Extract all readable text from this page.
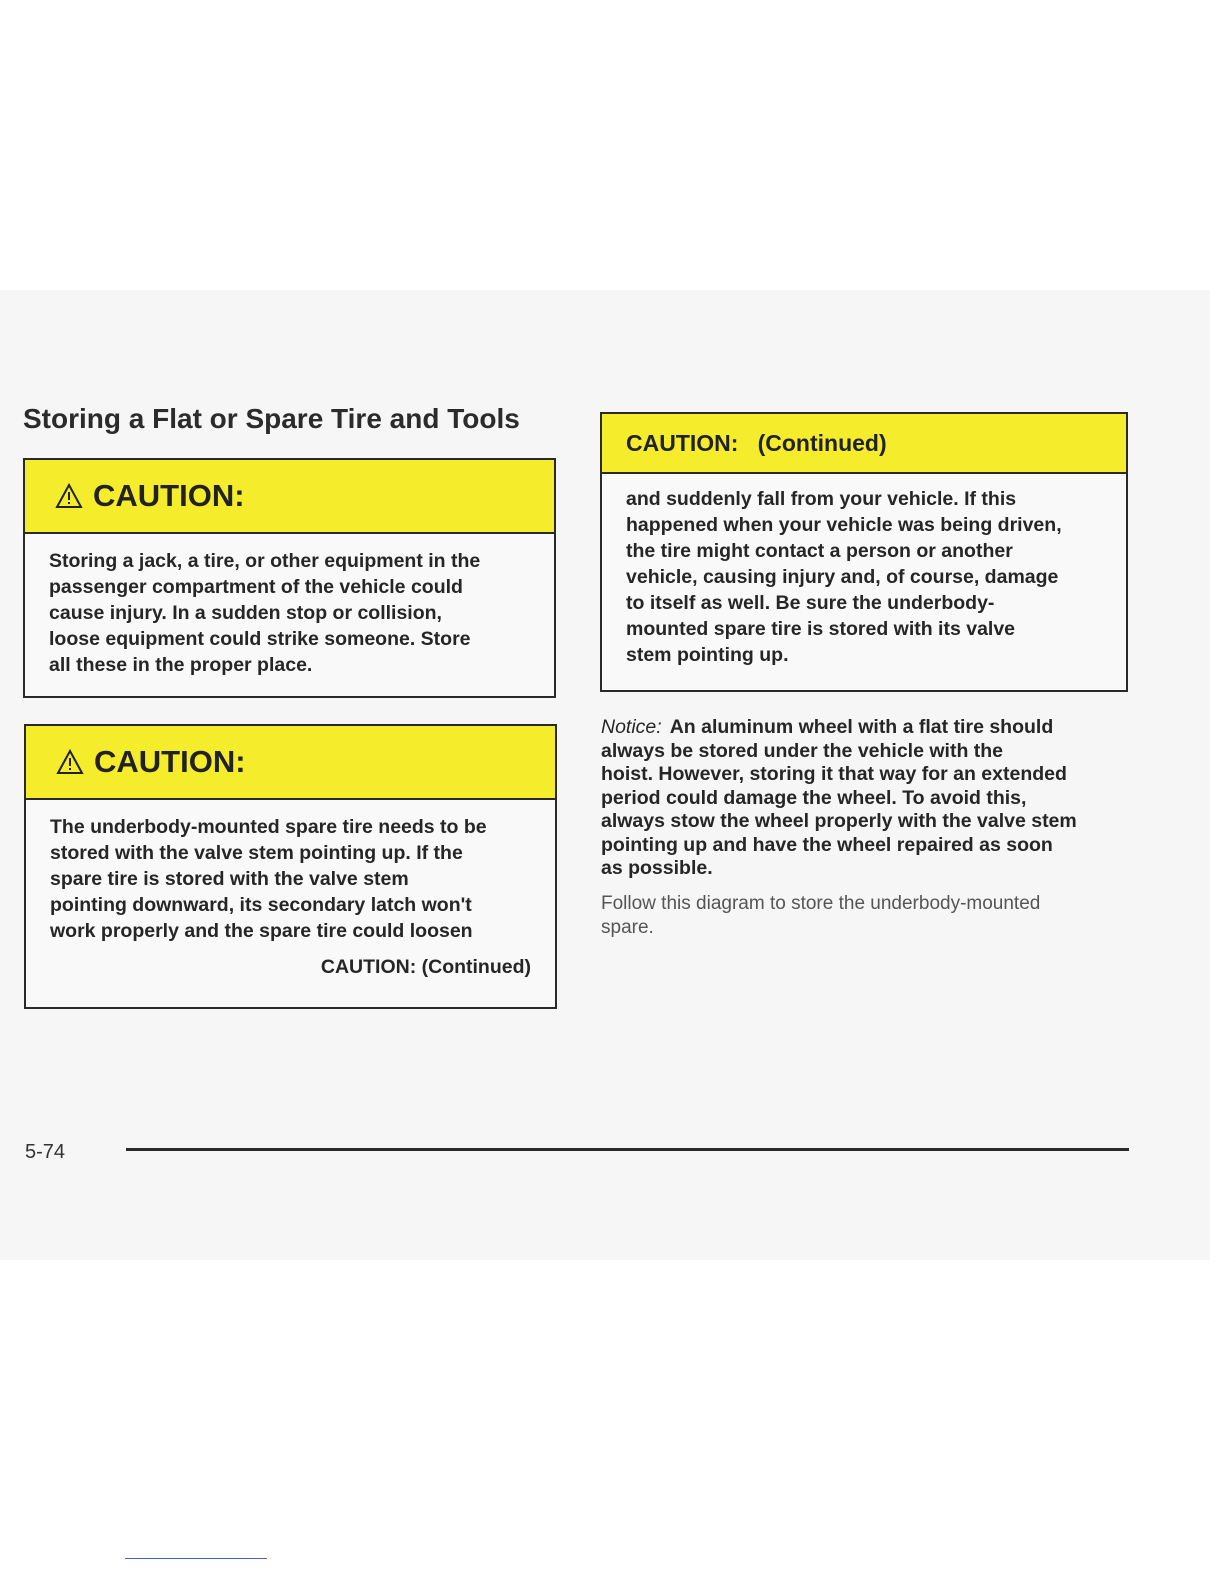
Storing a Flat or Spare Tire and Tools
CAUTION:
Storing a jack, a tire, or other equipment in the
passenger compartment of the vehicle could
cause injury. In a sudden stop or collision,
loose equipment could strike someone. Store
all these in the proper place.
CAUTION:
The underbody-mounted spare tire needs to be
stored with the valve stem pointing up. If the
spare tire is stored with the valve stem
pointing downward, its secondary latch won't
work properly and the spare tire could loosen
CAUTION: (Continued)
CAUTION:   (Continued)
and suddenly fall from your vehicle. If this
happened when your vehicle was being driven,
the tire might contact a person or another
vehicle, causing injury and, of course, damage
to itself as well. Be sure the underbody-
mounted spare tire is stored with its valve
stem pointing up.
Notice: An aluminum wheel with a flat tire should
always be stored under the vehicle with the
hoist. However, storing it that way for an extended
period could damage the wheel. To avoid this,
always stow the wheel properly with the valve stem
pointing up and have the wheel repaired as soon
as possible.
Follow this diagram to store the underbody-mounted
spare.
5-74
